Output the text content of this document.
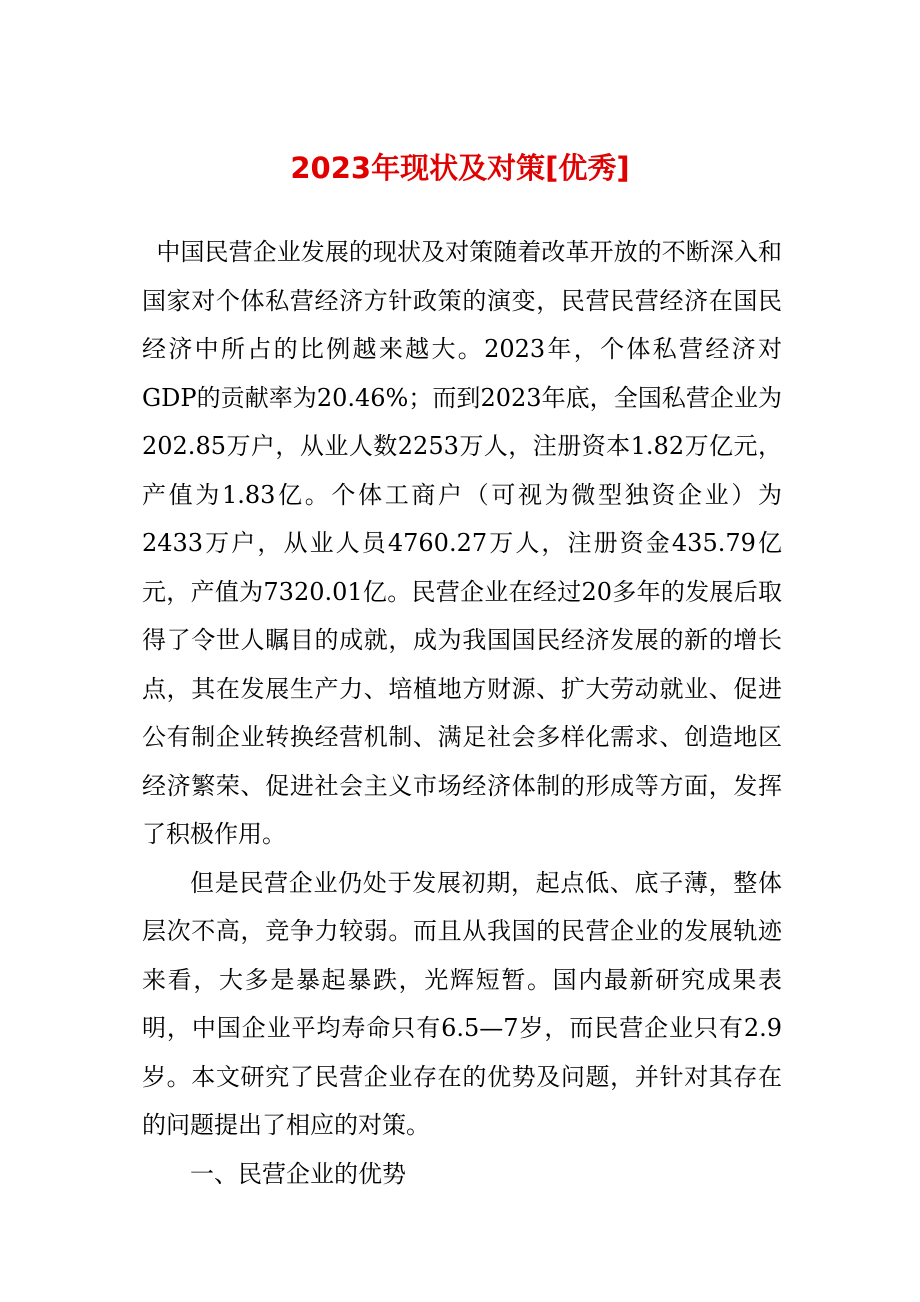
2023年现状及对策[优秀]

中国民营企业发展的现状及对策随着改革开放的不断深入和国家对个体私营经济方针政策的演变，民营民营经济在国民经济中所占的比例越来越大。2023年，个体私营经济对GDP的贡献率为20.46%；而到2023年底，全国私营企业为202.85万户，从业人数2253万人，注册资本1.82万亿元，产值为1.83亿。个体工商户（可视为微型独资企业）为2433万户，从业人员4760.27万人，注册资金435.79亿元，产值为7320.01亿。民营企业在经过20多年的发展后取得了令世人瞩目的成就，成为我国国民经济发展的新的增长点，其在发展生产力、培植地方财源、扩大劳动就业、促进公有制企业转换经营机制、满足社会多样化需求、创造地区经济繁荣、促进社会主义市场经济体制的形成等方面，发挥了积极作用。

但是民营企业仍处于发展初期，起点低、底子薄，整体层次不高，竞争力较弱。而且从我国的民营企业的发展轨迹来看，大多是暴起暴跌，光辉短暂。国内最新研究成果表明，中国企业平均寿命只有6.5—7岁，而民营企业只有2.9岁。本文研究了民营企业存在的优势及问题，并针对其存在的问题提出了相应的对策。

一、民营企业的优势
